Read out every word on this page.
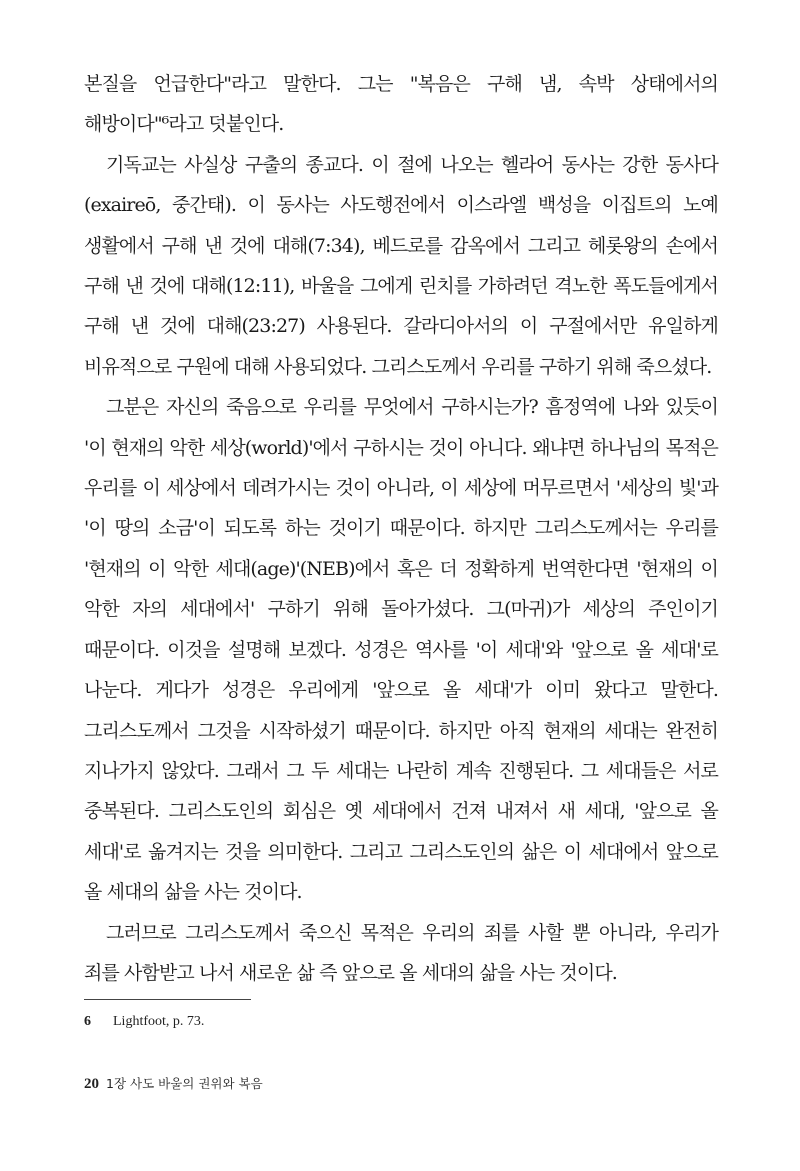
본질을 언급한다"라고 말한다. 그는 "복음은 구해 냄, 속박 상태에서의 해방이다"⁶라고 덧붙인다.

기독교는 사실상 구출의 종교다. 이 절에 나오는 헬라어 동사는 강한 동사다(exaireō, 중간태). 이 동사는 사도행전에서 이스라엘 백성을 이집트의 노예 생활에서 구해 낸 것에 대해(7:34), 베드로를 감옥에서 그리고 헤롯왕의 손에서 구해 낸 것에 대해(12:11), 바울을 그에게 린치를 가하려던 격노한 폭도들에게서 구해 낸 것에 대해(23:27) 사용된다. 갈라디아서의 이 구절에서만 유일하게 비유적으로 구원에 대해 사용되었다. 그리스도께서 우리를 구하기 위해 죽으셨다.

그분은 자신의 죽음으로 우리를 무엇에서 구하시는가? 흠정역에 나와 있듯이 '이 현재의 악한 세상(world)'에서 구하시는 것이 아니다. 왜냐면 하나님의 목적은 우리를 이 세상에서 데려가시는 것이 아니라, 이 세상에 머무르면서 '세상의 빛'과 '이 땅의 소금'이 되도록 하는 것이기 때문이다. 하지만 그리스도께서는 우리를 '현재의 이 악한 세대(age)'(NEB)에서 혹은 더 정확하게 번역한다면 '현재의 이 악한 자의 세대에서' 구하기 위해 돌아가셨다. 그(마귀)가 세상의 주인이기 때문이다. 이것을 설명해 보겠다. 성경은 역사를 '이 세대'와 '앞으로 올 세대'로 나눈다. 게다가 성경은 우리에게 '앞으로 올 세대'가 이미 왔다고 말한다. 그리스도께서 그것을 시작하셨기 때문이다. 하지만 아직 현재의 세대는 완전히 지나가지 않았다. 그래서 그 두 세대는 나란히 계속 진행된다. 그 세대들은 서로 중복된다. 그리스도인의 회심은 옛 세대에서 건져 내져서 새 세대, '앞으로 올 세대'로 옮겨지는 것을 의미한다. 그리고 그리스도인의 삶은 이 세대에서 앞으로 올 세대의 삶을 사는 것이다.

그러므로 그리스도께서 죽으신 목적은 우리의 죄를 사할 뿐 아니라, 우리가 죄를 사함받고 나서 새로운 삶 즉 앞으로 올 세대의 삶을 사는 것이다.

6 Lightfoot, p. 73.
20 1장 사도 바울의 권위와 복음
